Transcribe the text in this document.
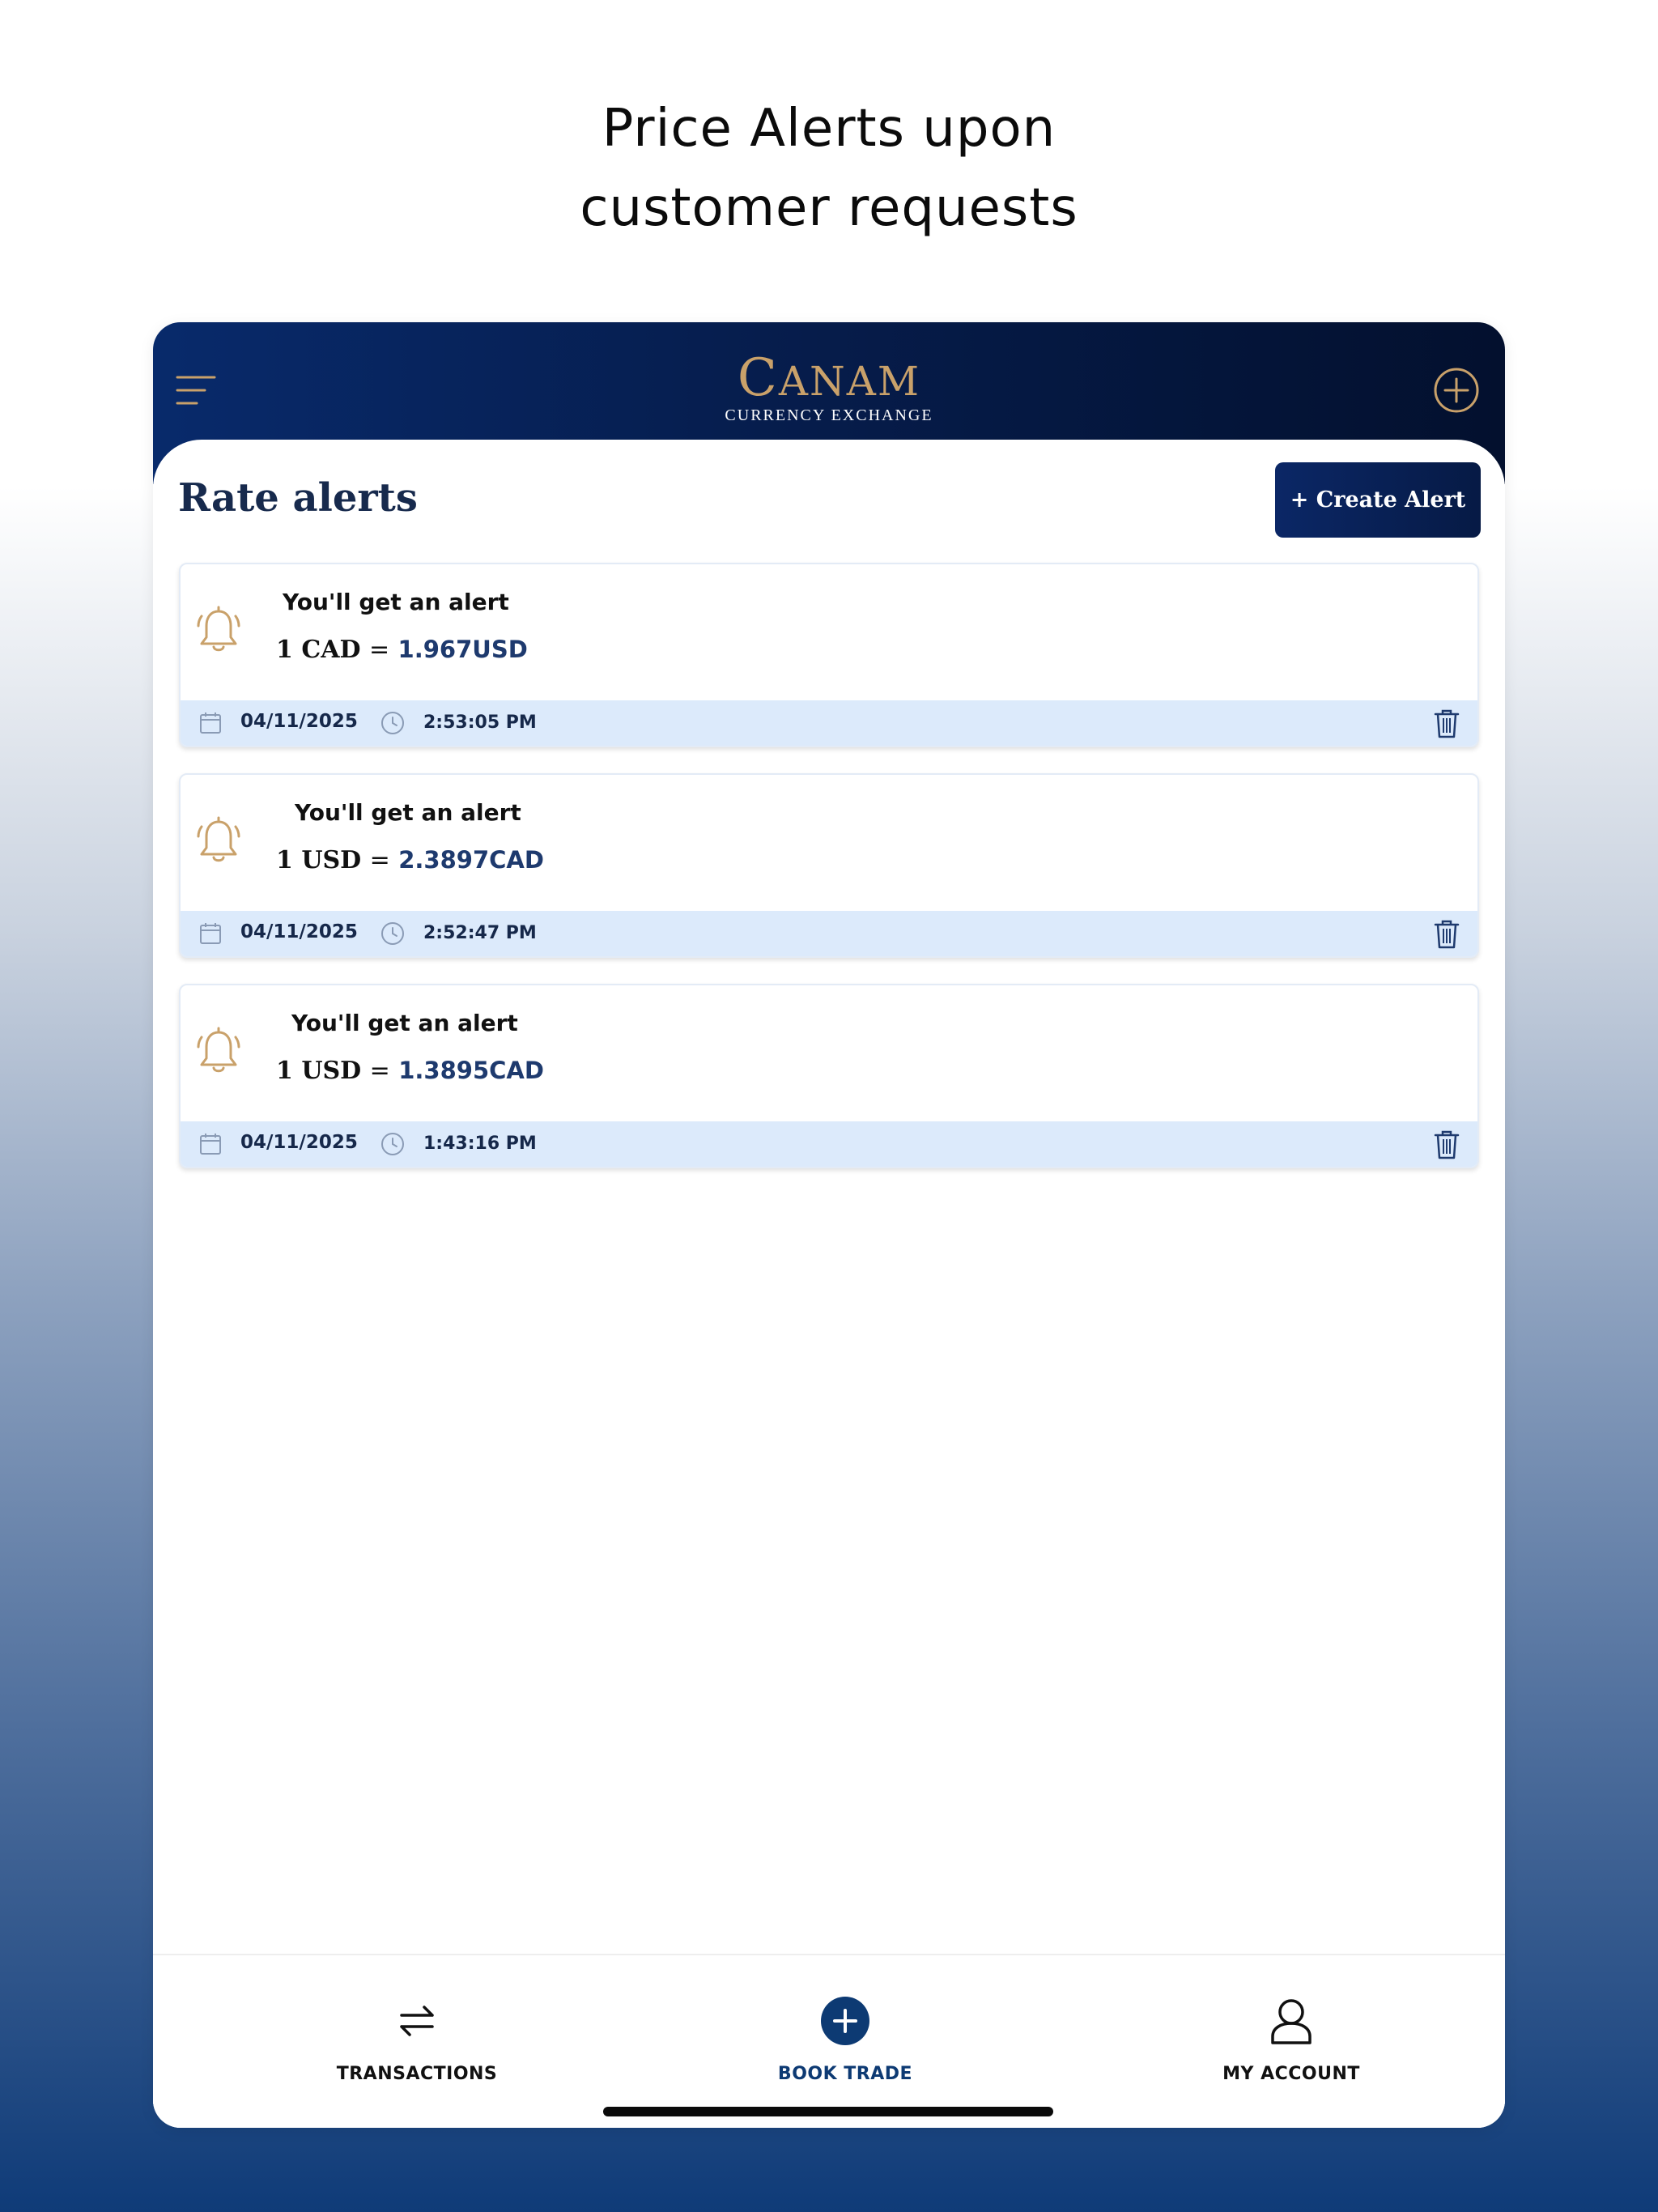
Price Alerts upon
customer requests
CANAM
CURRENCY EXCHANGE
Rate alerts	+ Create Alert
You'll get an alert
1 CAD = 1.967USD
04/11/2025	2:53:05 PM
You'll get an alert
1 USD = 2.3897CAD
04/11/2025	2:52:47 PM
You'll get an alert
1 USD = 1.3895CAD
04/11/2025	1:43:16 PM
TRANSACTIONS	BOOK TRADE	MY ACCOUNT
